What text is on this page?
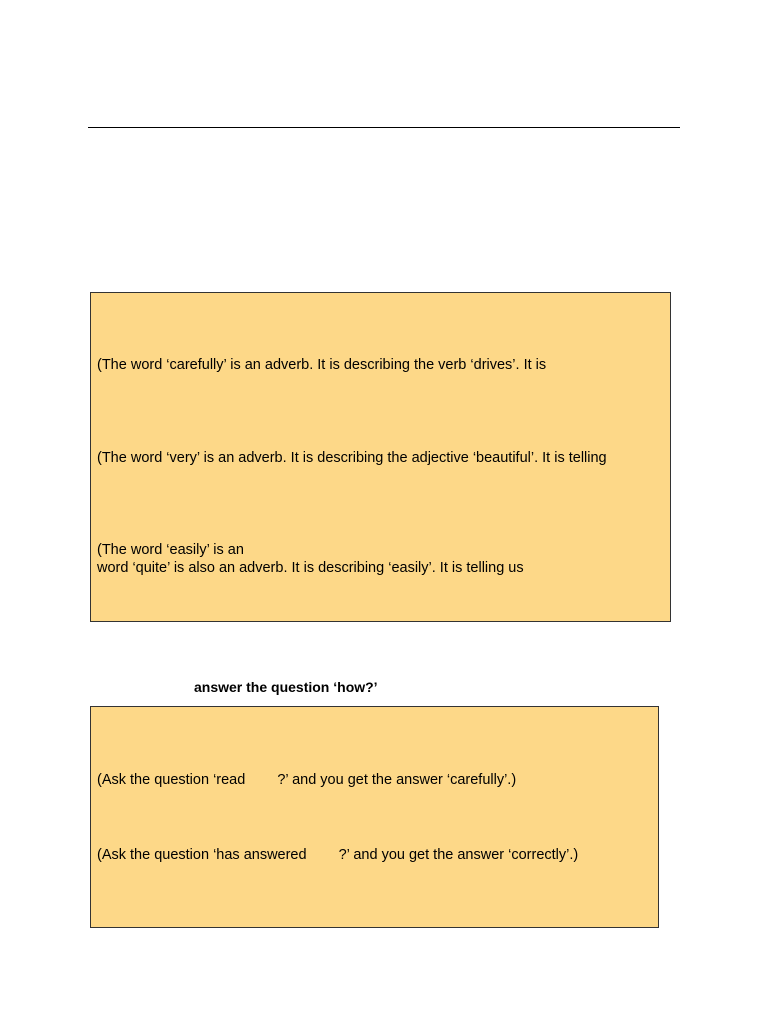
(The word ‘carefully’ is an adverb. It is describing the verb ‘drives’. It is
(The word ‘very’ is an adverb. It is describing the adjective ‘beautiful’. It is telling
(The word ‘easily’ is an
word ‘quite’ is also an adverb. It is describing ‘easily’. It is telling us
answer the question ‘how?’
(Ask the question ‘read ?’ and you get the answer ‘carefully’.)
(Ask the question ‘has answered ?’ and you get the answer ‘correctly’.)
